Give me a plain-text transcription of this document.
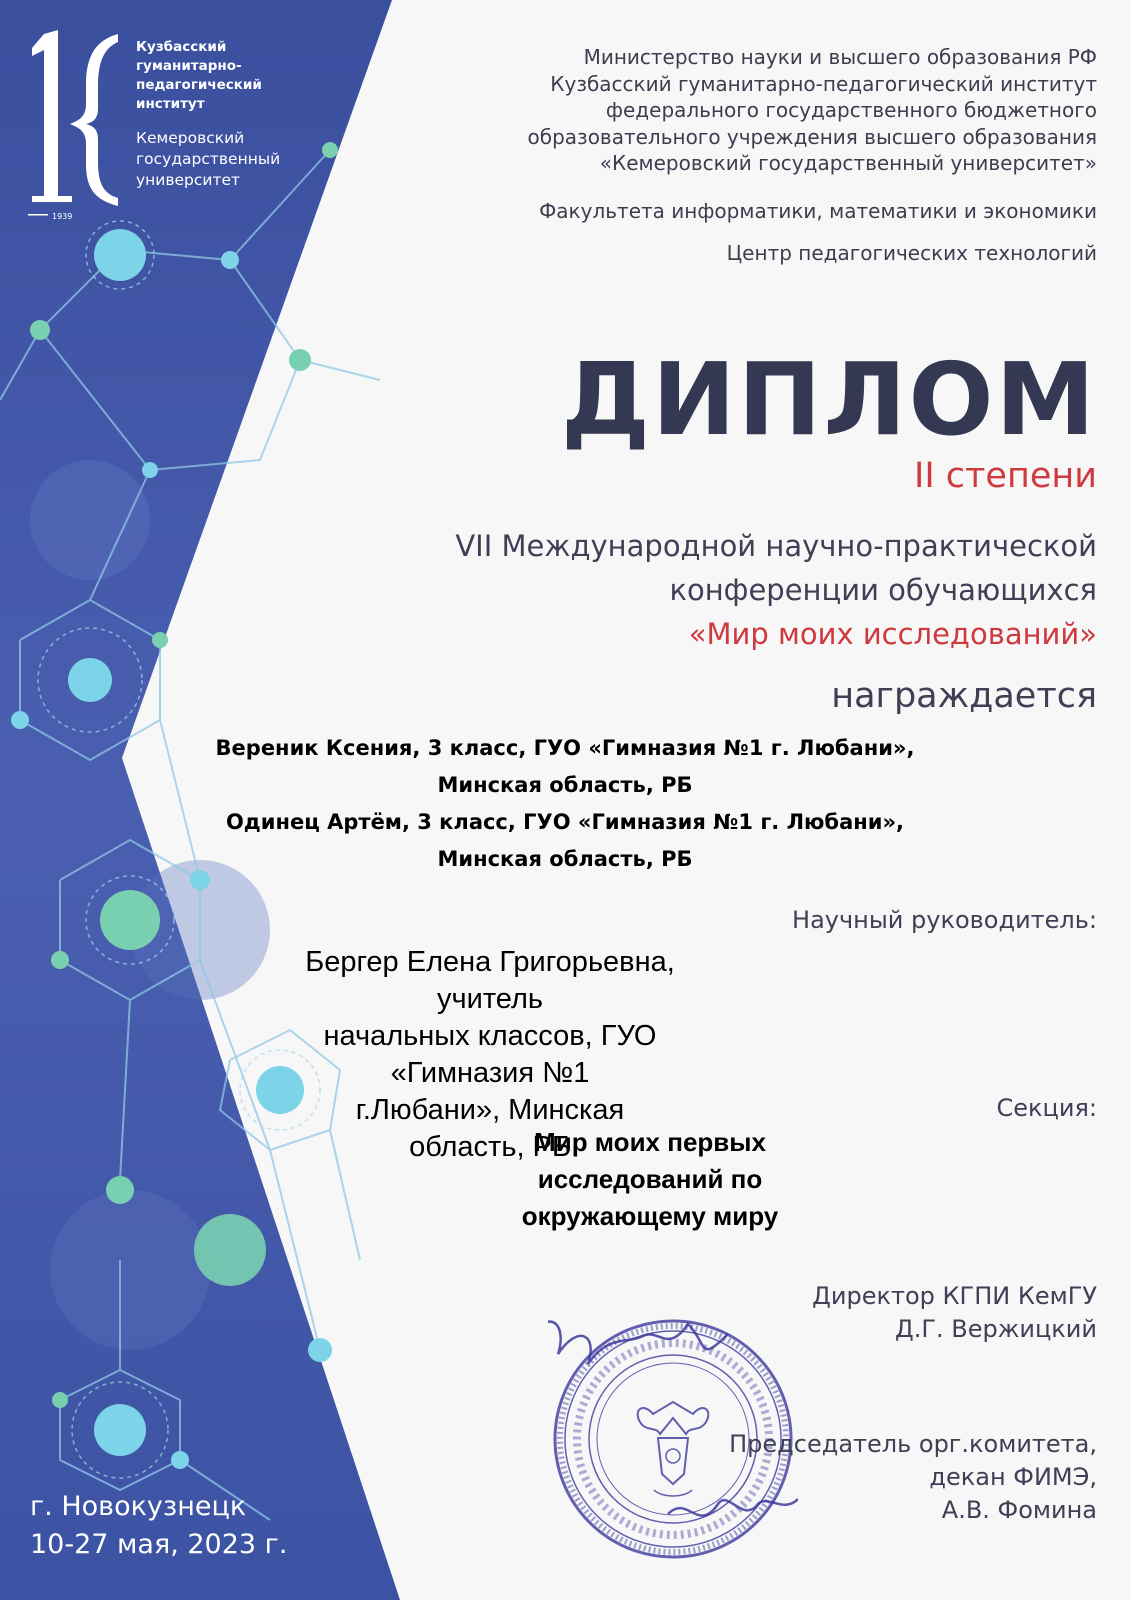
Кузбасский
гуманитарно-
педагогический
институт
Кемеровский
государственный
университет
1939
Министерство науки и высшего образования РФ
Кузбасский гуманитарно-педагогический институт
федерального государственного бюджетного
образовательного учреждения высшего образования
«Кемеровский государственный университет»
Факультета информатики, математики и экономики
Центр педагогических технологий
ДИПЛОМ
II степени
VII Международной научно-практической
конференции обучающихся
«Мир моих исследований»
награждается
Вереник Ксения, 3 класс, ГУО «Гимназия №1 г. Любани»,
Минская область, РБ
Одинец Артём, 3 класс, ГУО «Гимназия №1 г. Любани»,
Минская область, РБ
Научный руководитель:
Бергер Елена Григорьевна, учитель
начальных классов, ГУО «Гимназия №1
г.Любани», Минская область, РБ
Секция:
Мир моих первых исследований по
окружающему миру
Директор КГПИ КемГУ
Д.Г. Вержицкий
Председатель орг.комитета,
декан ФИМЭ,
А.В. Фомина
г. Новокузнецк
10-27 мая, 2023 г.
